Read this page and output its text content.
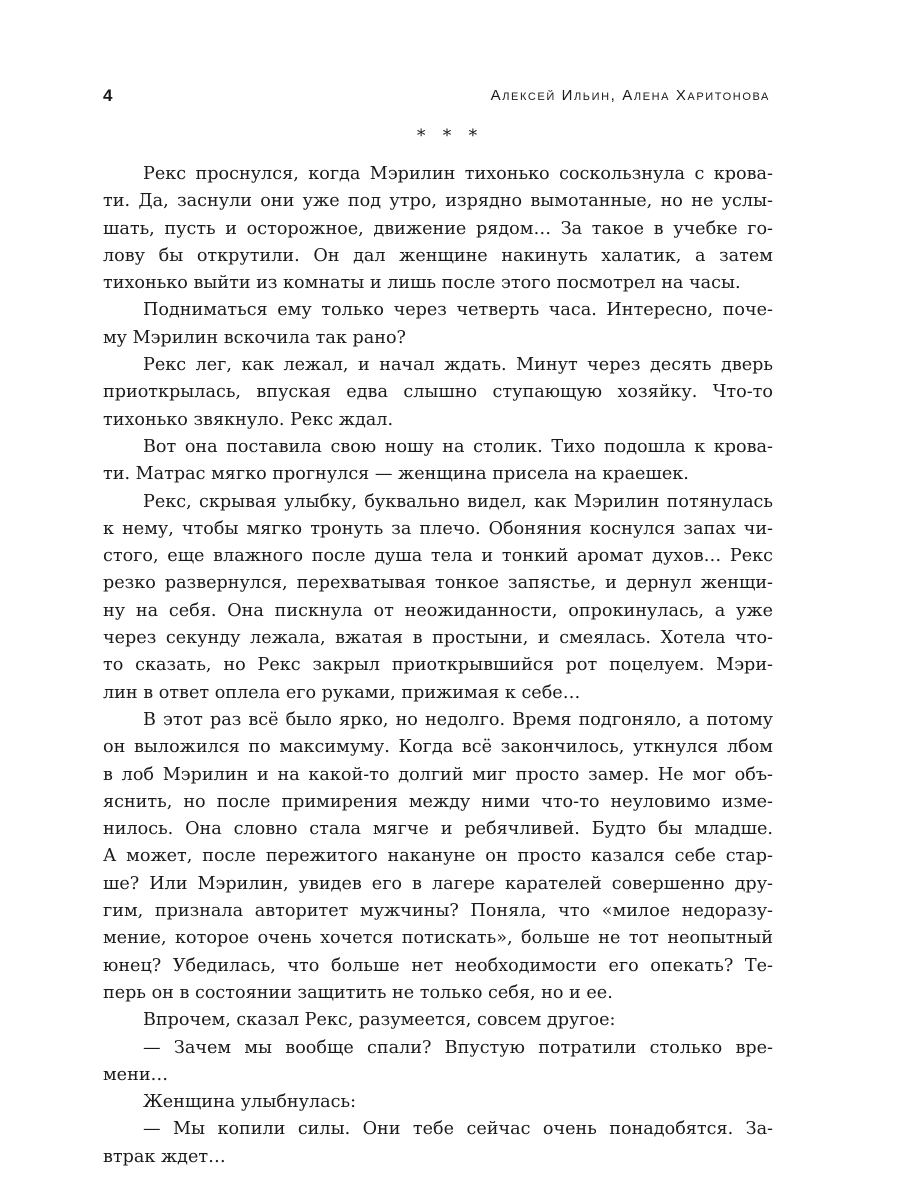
4	Алексей Ильин, Алена Харитонова
* * *
Рекс проснулся, когда Мэрилин тихонько соскользнула с крова-
ти. Да, заснули они уже под утро, изрядно вымотанные, но не услы-
шать, пусть и осторожное, движение рядом… За такое в учебке го-
лову бы открутили. Он дал женщине накинуть халатик, а затем
тихонько выйти из комнаты и лишь после этого посмотрел на часы.
Подниматься ему только через четверть часа. Интересно, поче-
му Мэрилин вскочила так рано?
Рекс лег, как лежал, и начал ждать. Минут через десять дверь
приоткрылась, впуская едва слышно ступающую хозяйку. Что-то
тихонько звякнуло. Рекс ждал.
Вот она поставила свою ношу на столик. Тихо подошла к крова-
ти. Матрас мягко прогнулся — женщина присела на краешек.
Рекс, скрывая улыбку, буквально видел, как Мэрилин потянулась
к нему, чтобы мягко тронуть за плечо. Обоняния коснулся запах чи-
стого, еще влажного после душа тела и тонкий аромат духов… Рекс
резко развернулся, перехватывая тонкое запястье, и дернул женщи-
ну на себя. Она пискнула от неожиданности, опрокинулась, а уже
через секунду лежала, вжатая в простыни, и смеялась. Хотела что-
то сказать, но Рекс закрыл приоткрывшийся рот поцелуем. Мэри-
лин в ответ оплела его руками, прижимая к себе…
В этот раз всё было ярко, но недолго. Время подгоняло, а потому
он выложился по максимуму. Когда всё закончилось, уткнулся лбом
в лоб Мэрилин и на какой-то долгий миг просто замер. Не мог объ-
яснить, но после примирения между ними что-то неуловимо изме-
нилось. Она словно стала мягче и ребячливей. Будто бы младше.
А может, после пережитого накануне он просто казался себе стар-
ше? Или Мэрилин, увидев его в лагере карателей совершенно дру-
гим, признала авторитет мужчины? Поняла, что «милое недоразу-
мение, которое очень хочется потискать», больше не тот неопытный
юнец? Убедилась, что больше нет необходимости его опекать? Те-
перь он в состоянии защитить не только себя, но и ее.
Впрочем, сказал Рекс, разумеется, совсем другое:
— Зачем мы вообще спали? Впустую потратили столько вре-
мени…
Женщина улыбнулась:
— Мы копили силы. Они тебе сейчас очень понадобятся. За-
втрак ждет…
